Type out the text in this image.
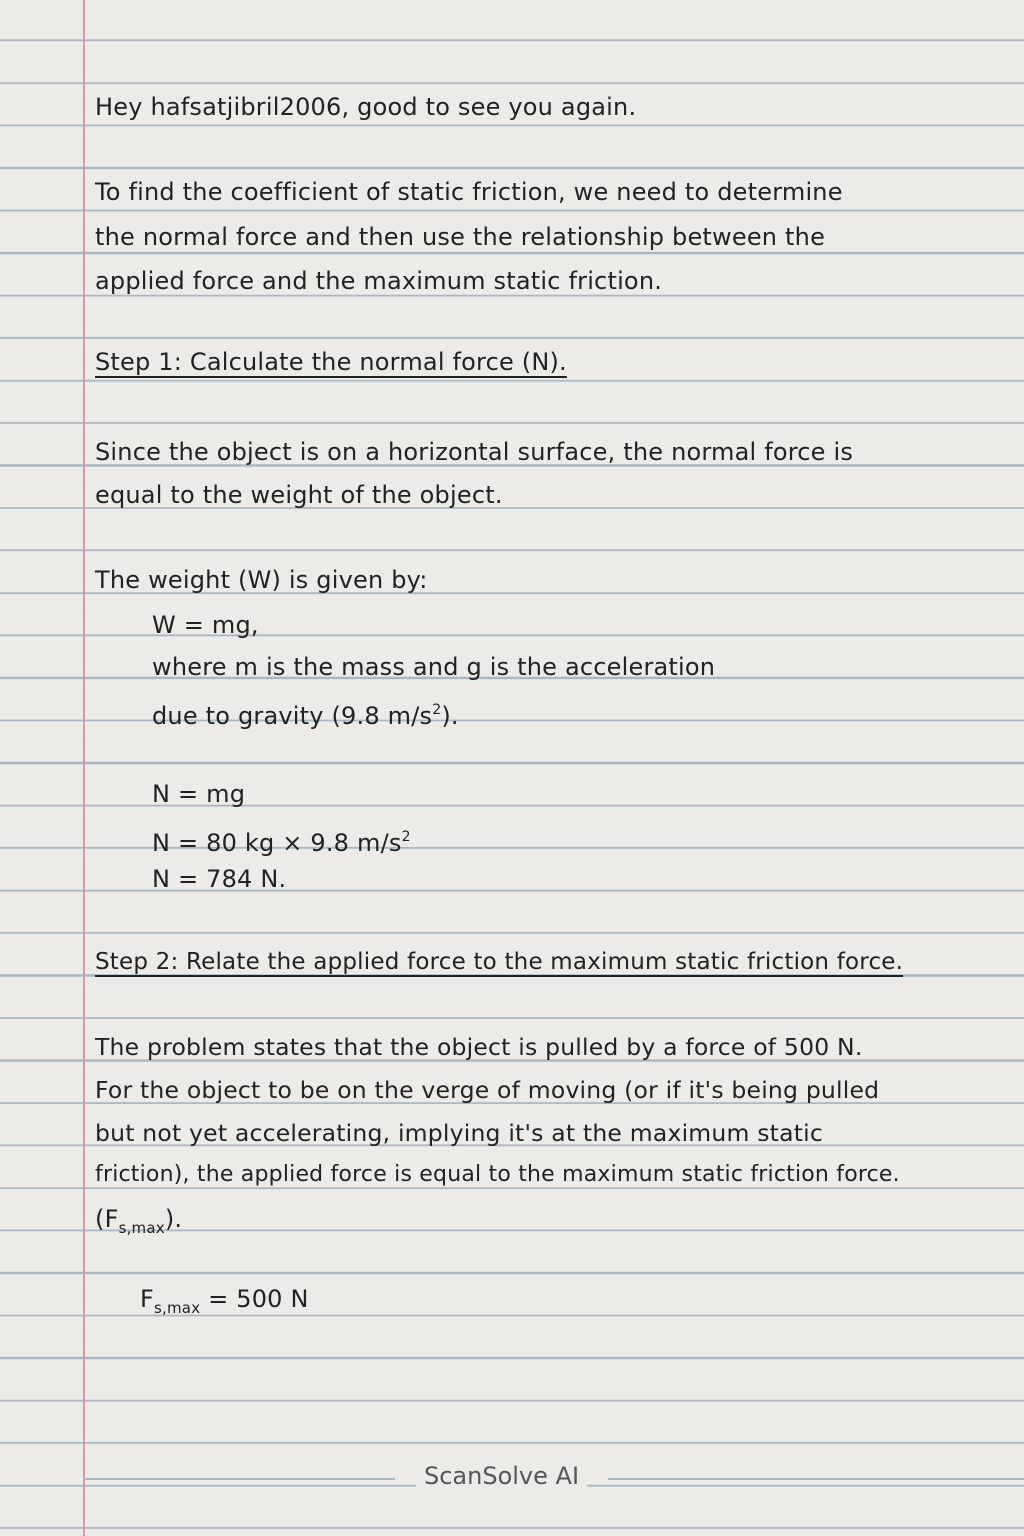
Hey hafsatjibril2006, good to see you again.
To find the coefficient of static friction, we need to determine
the normal force and then use the relationship between the
applied force and the maximum static friction.
Step 1: Calculate the normal force (N).
Since the object is on a horizontal surface, the normal force is
equal to the weight of the object.
The weight (W) is given by:
W = mg,
where m is the mass and g is the acceleration
due to gravity (9.8 $m/s^2$).
N = mg
N = 80 kg × 9.8 $m/s^2$
N = 784 N.
Step 2: Relate the applied force to the maximum static friction force.
The problem states that the object is pulled by a force of 500 N.
For the object to be on the verge of moving (or if it's being pulled
but not yet accelerating, implying it's at the maximum static
friction), the applied force is equal to the maximum static friction force.
$(F_{s,max})$.
$F_{s,max} = 500$ N
ScanSolve AI
